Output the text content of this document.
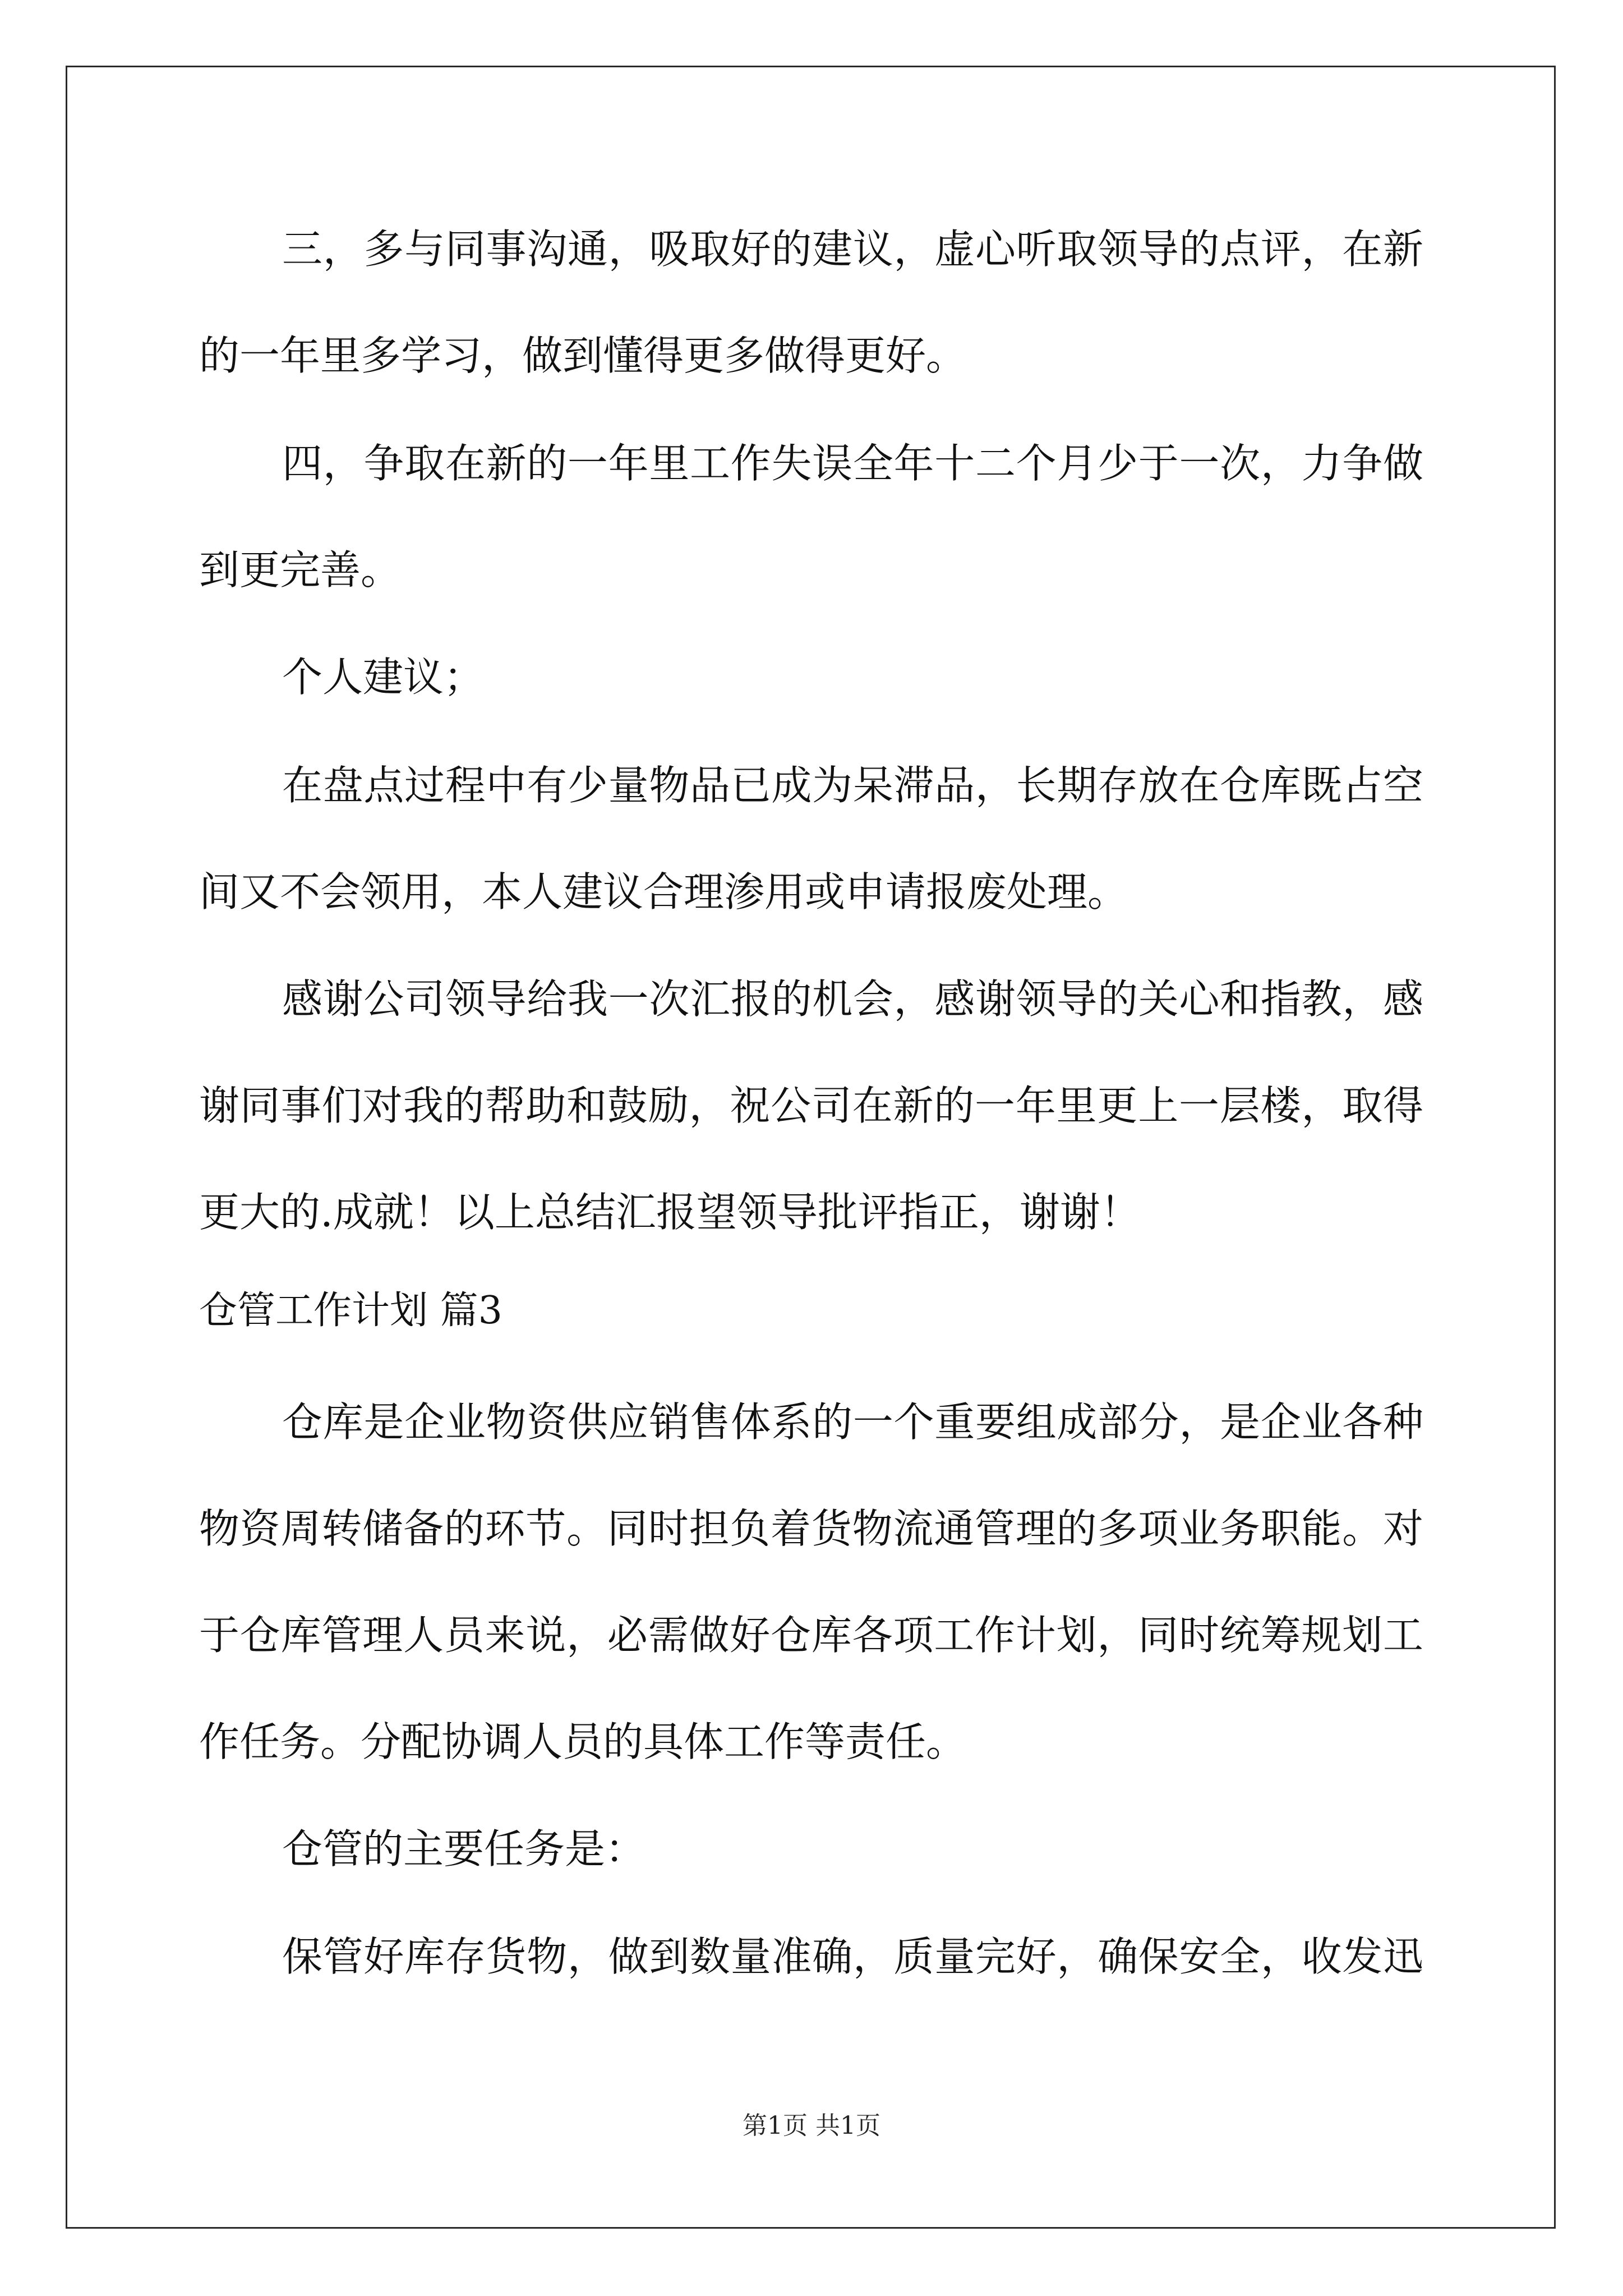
三，多与同事沟通，吸取好的建议，虚心听取领导的点评，在新
的一年里多学习，做到懂得更多做得更好。
四，争取在新的一年里工作失误全年十二个月少于一次，力争做
到更完善。
个人建议；
在盘点过程中有少量物品已成为呆滞品，长期存放在仓库既占空
间又不会领用，本人建议合理渗用或申请报废处理。
感谢公司领导给我一次汇报的机会，感谢领导的关心和指教，感
谢同事们对我的帮助和鼓励，祝公司在新的一年里更上一层楼，取得
更大的.成就！以上总结汇报望领导批评指正，谢谢！
仓管工作计划 篇3
仓库是企业物资供应销售体系的一个重要组成部分，是企业各种
物资周转储备的环节。同时担负着货物流通管理的多项业务职能。对
于仓库管理人员来说，必需做好仓库各项工作计划，同时统筹规划工
作任务。分配协调人员的具体工作等责任。
仓管的主要任务是：
保管好库存货物，做到数量准确，质量完好，确保安全，收发迅
第1页 共1页
